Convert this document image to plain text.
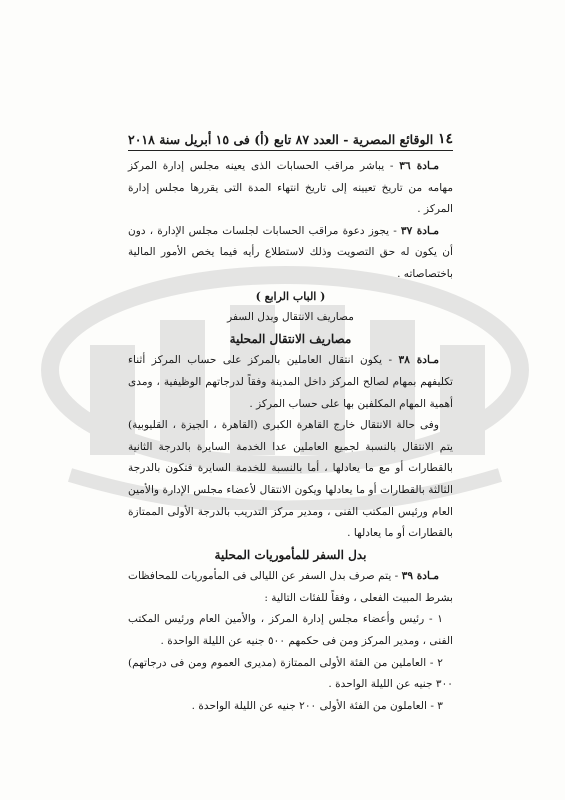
١٤
الوقائع المصرية - العدد ٨٧ تابع (أ) فى ١٥ أبريل سنة ٢٠١٨

مـادة ٣٦ - يباشر مراقب الحسابات الذى يعينه مجلس إدارة المركز مهامه من تاريخ تعيينه إلى تاريخ انتهاء المدة التى يقررها مجلس إدارة المركز .

مـادة ٣٧ - يجوز دعوة مراقب الحسابات لجلسات مجلس الإدارة ، دون أن يكون له حق التصويت وذلك لاستطلاع رأيه فيما يخص الأمور المالية باختصاصاته .

( الباب الرابع )

مصاريف الانتقال وبدل السفر

مصاريف الانتقال المحلية

مـادة ٣٨ - يكون انتقال العاملين بالمركز على حساب المركز أثناء تكليفهم بمهام لصالح المركز داخل المدينة وفقاً لدرجاتهم الوظيفية ، ومدى أهمية المهام المكلفين بها على حساب المركز .

وفى حالة الانتقال خارج القاهرة الكبرى (القاهرة ، الجيزة ، القليوبية) يتم الانتقال بالنسبة لجميع العاملين عدا الخدمة السايرة بالدرجة الثانية بالقطارات أو مع ما يعادلها ، أما بالنسبة للخدمة السايرة فتكون بالدرجة الثالثة بالقطارات أو ما يعادلها ويكون الانتقال لأعضاء مجلس الإدارة والأمين العام ورئيس المكتب الفنى ، ومدير مركز التدريب بالدرجة الأولى الممتازة بالقطارات أو ما يعادلها .

بدل السفر للمأموريات المحلية

مـادة ٣٩ - يتم صرف بدل السفر عن الليالى فى المأموريات للمحافظات بشرط المبيت الفعلى ، وفقاً للفئات التالية :

١ - رئيس وأعضاء مجلس إدارة المركز ، والأمين العام ورئيس المكتب الفنى ، ومدير المركز ومن فى حكمهم ٥٠٠ جنيه عن الليلة الواحدة .

٢ - العاملين من الفئة الأولى الممتازة (مديرى العموم ومن فى درجاتهم) ٣٠٠ جنيه عن الليلة الواحدة .

٣ - العاملون من الفئة الأولى ٢٠٠ جنيه عن الليلة الواحدة .
